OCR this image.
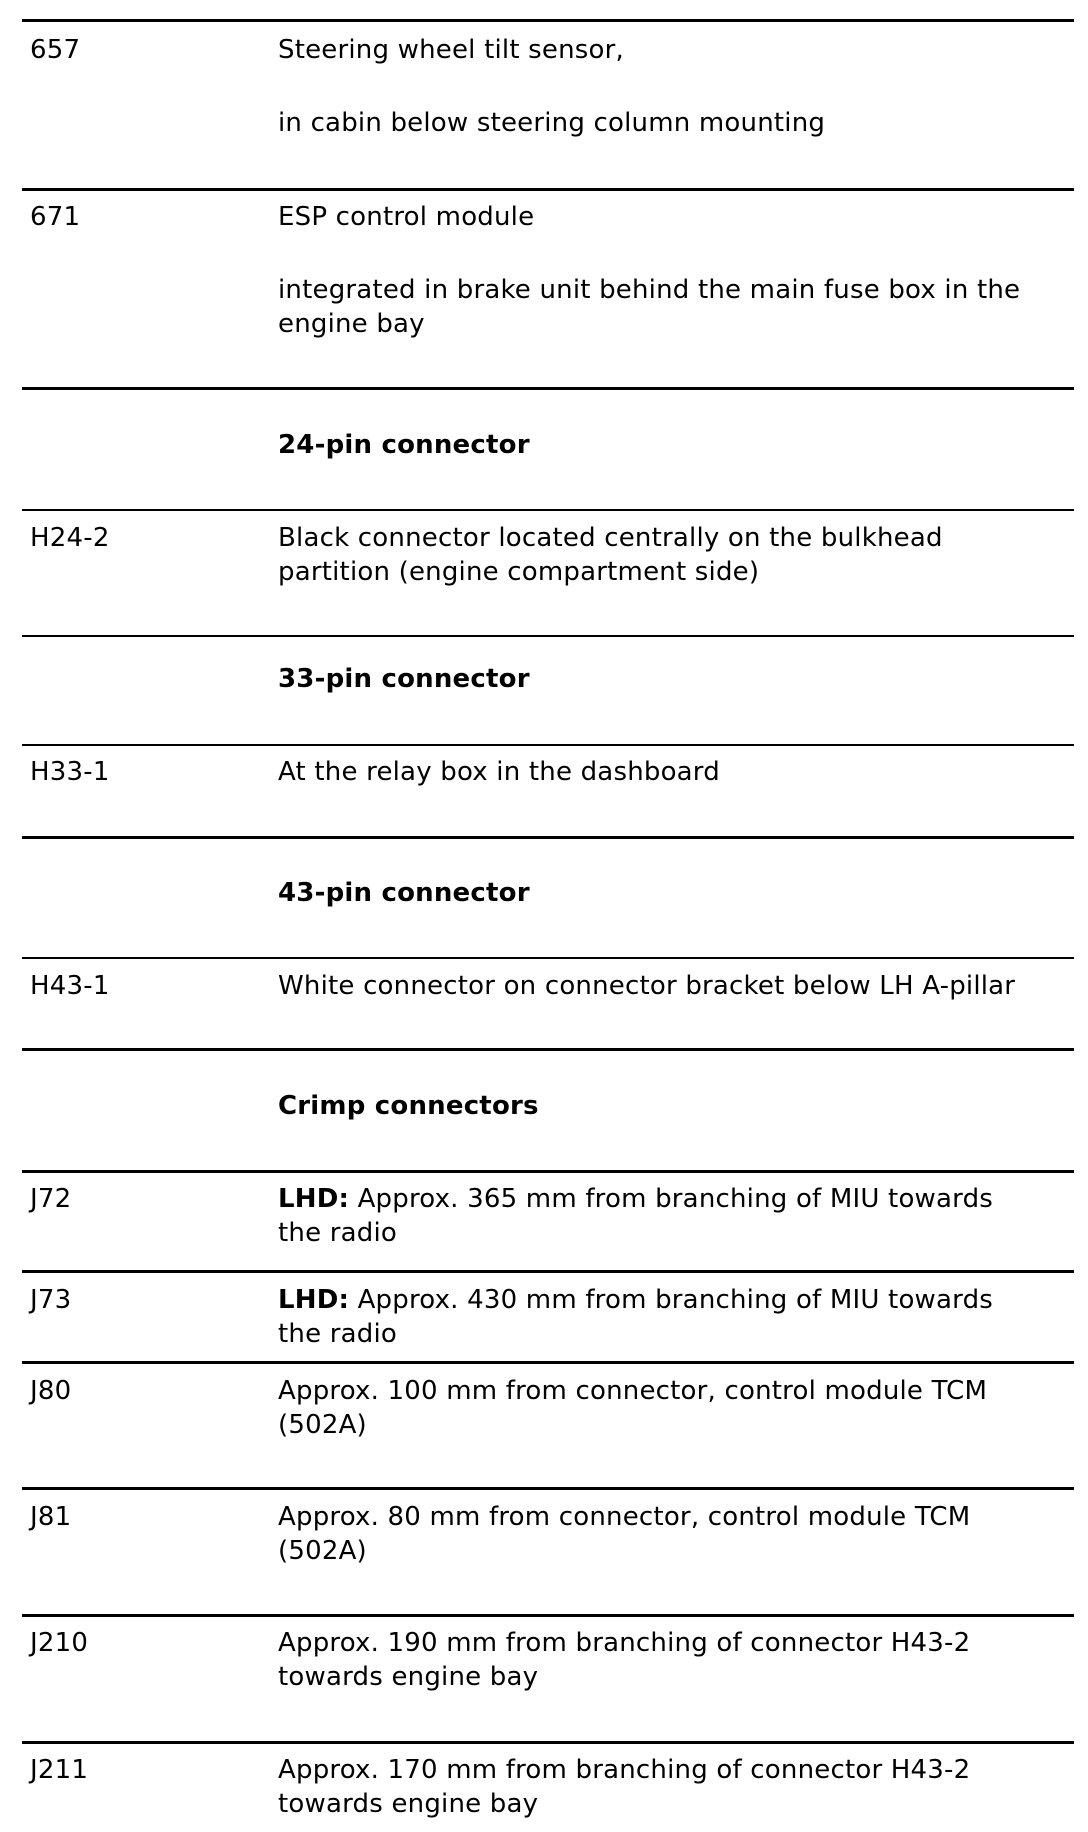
657	Steering wheel tilt sensor,
in cabin below steering column mounting
671	ESP control module
integrated in brake unit behind the main fuse box in the
engine bay
24-pin connector
H24-2	Black connector located centrally on the bulkhead
partition (engine compartment side)
33-pin connector
H33-1	At the relay box in the dashboard
43-pin connector
H43-1	White connector on connector bracket below LH A-pillar
Crimp connectors
J72	LHD: Approx. 365 mm from branching of MIU towards
the radio
J73	LHD: Approx. 430 mm from branching of MIU towards
the radio
J80	Approx. 100 mm from connector, control module TCM
(502A)
J81	Approx. 80 mm from connector, control module TCM
(502A)
J210	Approx. 190 mm from branching of connector H43-2
towards engine bay
J211	Approx. 170 mm from branching of connector H43-2
towards engine bay
